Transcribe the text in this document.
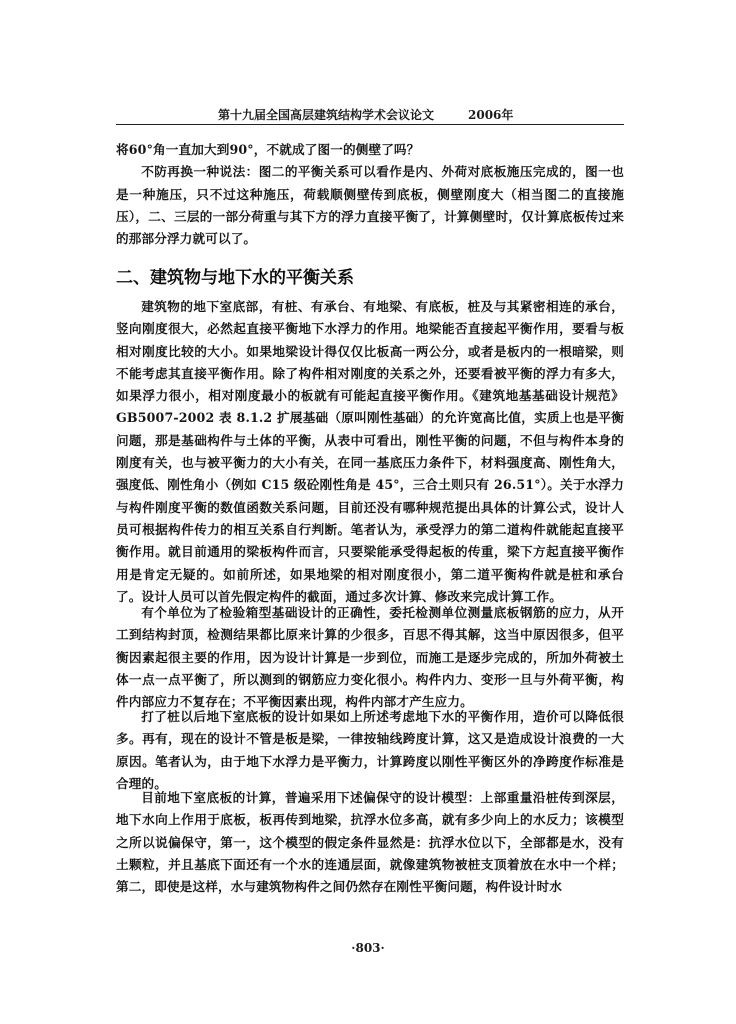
第十九届全国高层建筑结构学术会议论文	2006年

将60°角一直加大到90°，不就成了图一的侧壁了吗？

不防再换一种说法：图二的平衡关系可以看作是内、外荷对底板施压完成的，图一也是一种施压，只不过这种施压，荷载顺侧壁传到底板，侧壁刚度大（相当图二的直接施压），二、三层的一部分荷重与其下方的浮力直接平衡了，计算侧壁时，仅计算底板传过来的那部分浮力就可以了。

二、建筑物与地下水的平衡关系

建筑物的地下室底部，有桩、有承台、有地梁、有底板，桩及与其紧密相连的承台，竖向刚度很大，必然起直接平衡地下水浮力的作用。地梁能否直接起平衡作用，要看与板相对刚度比较的大小。如果地梁设计得仅仅比板高一两公分，或者是板内的一根暗梁，则不能考虑其直接平衡作用。除了构件相对刚度的关系之外，还要看被平衡的浮力有多大，如果浮力很小，相对刚度最小的板就有可能起直接平衡作用。《建筑地基基础设计规范》GB5007-2002 表 8.1.2 扩展基础（原叫刚性基础）的允许宽高比值，实质上也是平衡问题，那是基础构件与土体的平衡，从表中可看出，刚性平衡的问题，不但与构件本身的刚度有关，也与被平衡力的大小有关，在同一基底压力条件下，材料强度高、刚性角大，强度低、刚性角小（例如 C15 级砼刚性角是 45°，三合土则只有 26.51°）。关于水浮力与构件刚度平衡的数值函数关系问题，目前还没有哪种规范提出具体的计算公式，设计人员可根据构件传力的相互关系自行判断。笔者认为，承受浮力的第二道构件就能起直接平衡作用。就目前通用的梁板构件而言，只要梁能承受得起板的传重，梁下方起直接平衡作用是肯定无疑的。如前所述，如果地梁的相对刚度很小，第二道平衡构件就是桩和承台了。设计人员可以首先假定构件的截面，通过多次计算、修改来完成计算工作。

有个单位为了检验箱型基础设计的正确性，委托检测单位测量底板钢筋的应力，从开工到结构封顶，检测结果都比原来计算的少很多，百思不得其解，这当中原因很多，但平衡因素起很主要的作用，因为设计计算是一步到位，而施工是逐步完成的，所加外荷被土体一点一点平衡了，所以测到的钢筋应力变化很小。构件内力、变形一旦与外荷平衡，构件内部应力不复存在；不平衡因素出现，构件内部才产生应力。

打了桩以后地下室底板的设计如果如上所述考虑地下水的平衡作用，造价可以降低很多。再有，现在的设计不管是板是梁，一律按轴线跨度计算，这又是造成设计浪费的一大原因。笔者认为，由于地下水浮力是平衡力，计算跨度以刚性平衡区外的净跨度作标准是合理的。

目前地下室底板的计算，普遍采用下述偏保守的设计模型：上部重量沿桩传到深层，地下水向上作用于底板，板再传到地梁，抗浮水位多高，就有多少向上的水反力；该模型之所以说偏保守，第一，这个模型的假定条件显然是：抗浮水位以下，全部都是水，没有土颗粒，并且基底下面还有一个水的连通层面，就像建筑物被桩支顶着放在水中一个样；第二，即使是这样，水与建筑物构件之间仍然存在刚性平衡问题，构件设计时水

·803·
